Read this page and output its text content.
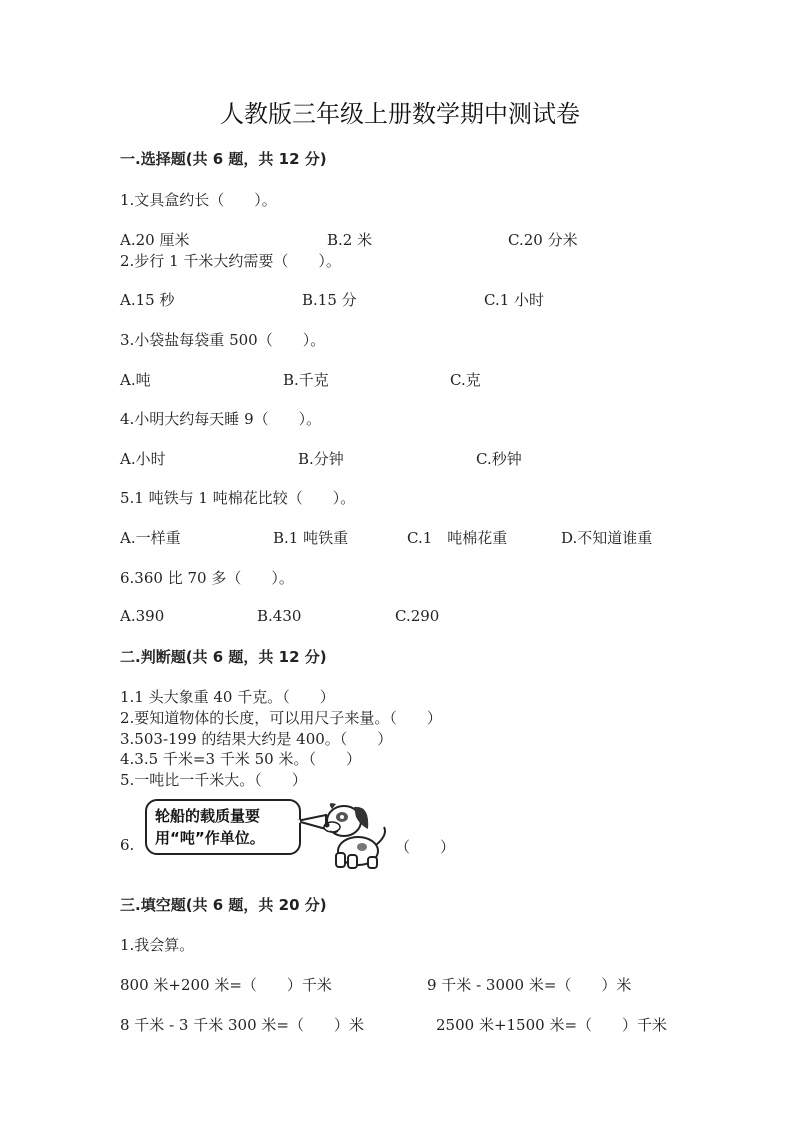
人教版三年级上册数学期中测试卷
一.选择题(共 6 题，共 12 分)
1.文具盒约长（　　）。
A.20 厘米	B.2 米	C.20 分米
2.步行 1 千米大约需要（　　）。
A.15 秒	B.15 分	C.1 小时
3.小袋盐每袋重 500（　　）。
A.吨	B.千克	C.克
4.小明大约每天睡 9（　　）。
A.小时	B.分钟	C.秒钟
5.1 吨铁与 1 吨棉花比较（　　）。
A.一样重	B.1 吨铁重	C.1　吨棉花重	D.不知道谁重
6.360 比 70 多（　　）。
A.390	B.430	C.290
二.判断题(共 6 题，共 12 分)
1.1 头大象重 40 千克。（　　）
2.要知道物体的长度，可以用尺子来量。（　　）
3.503-199 的结果大约是 400。（　　）
4.3.5 千米=3 千米 50 米。（　　）
5.一吨比一千米大。（　　）
6.
轮船的载质量要用“吨”作单位。	（　　）
三.填空题(共 6 题，共 20 分)
1.我会算。
800 米+200 米=（　　）千米	9 千米 - 3000 米=（　　）米
8 千米 - 3 千米 300 米=（　　）米	2500 米+1500 米=（　　）千米
